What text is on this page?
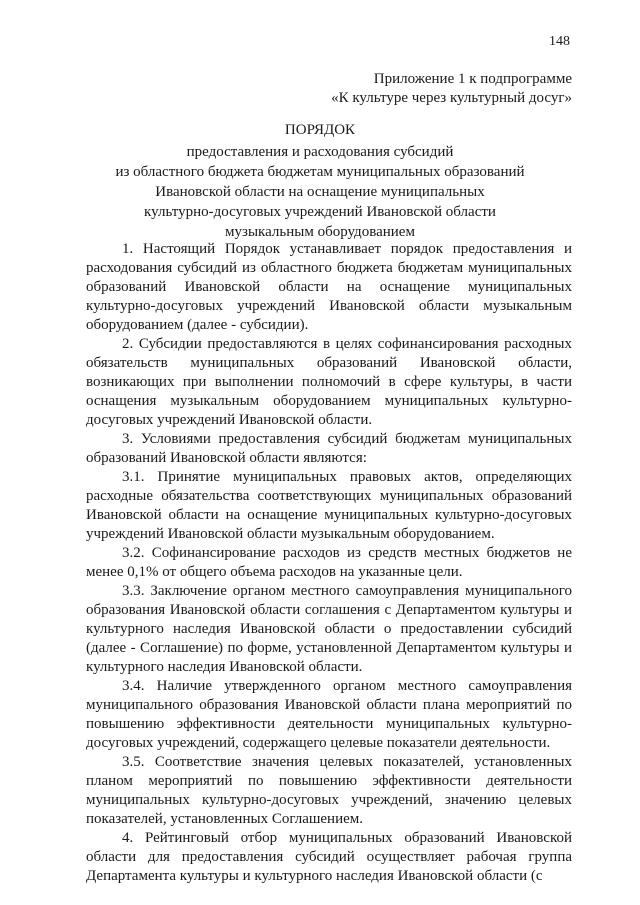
148
Приложение 1 к подпрограмме
«К культуре через культурный досуг»
ПОРЯДОК
предоставления и расходования субсидий
из областного бюджета бюджетам муниципальных образований
Ивановской области на оснащение муниципальных
культурно-досуговых учреждений Ивановской области
музыкальным оборудованием

1. Настоящий Порядок устанавливает порядок предоставления и расходования субсидий из областного бюджета бюджетам муниципальных образований Ивановской области на оснащение муниципальных культурно-досуговых учреждений Ивановской области музыкальным оборудованием (далее - субсидии).

2. Субсидии предоставляются в целях софинансирования расходных обязательств муниципальных образований Ивановской области, возникающих при выполнении полномочий в сфере культуры, в части оснащения музыкальным оборудованием муниципальных культурно-досуговых учреждений Ивановской области.

3. Условиями предоставления субсидий бюджетам муниципальных образований Ивановской области являются:

3.1. Принятие муниципальных правовых актов, определяющих расходные обязательства соответствующих муниципальных образований Ивановской области на оснащение муниципальных культурно-досуговых учреждений Ивановской области музыкальным оборудованием.

3.2. Софинансирование расходов из средств местных бюджетов не менее 0,1% от общего объема расходов на указанные цели.

3.3. Заключение органом местного самоуправления муниципального образования Ивановской области соглашения с Департаментом культуры и культурного наследия Ивановской области о предоставлении субсидий (далее - Соглашение) по форме, установленной Департаментом культуры и культурного наследия Ивановской области.

3.4. Наличие утвержденного органом местного самоуправления муниципального образования Ивановской области плана мероприятий по повышению эффективности деятельности муниципальных культурно-досуговых учреждений, содержащего целевые показатели деятельности.

3.5. Соответствие значения целевых показателей, установленных планом мероприятий по повышению эффективности деятельности муниципальных культурно-досуговых учреждений, значению целевых показателей, установленных Соглашением.

4. Рейтинговый отбор муниципальных образований Ивановской области для предоставления субсидий осуществляет рабочая группа Департамента культуры и культурного наследия Ивановской области (с
